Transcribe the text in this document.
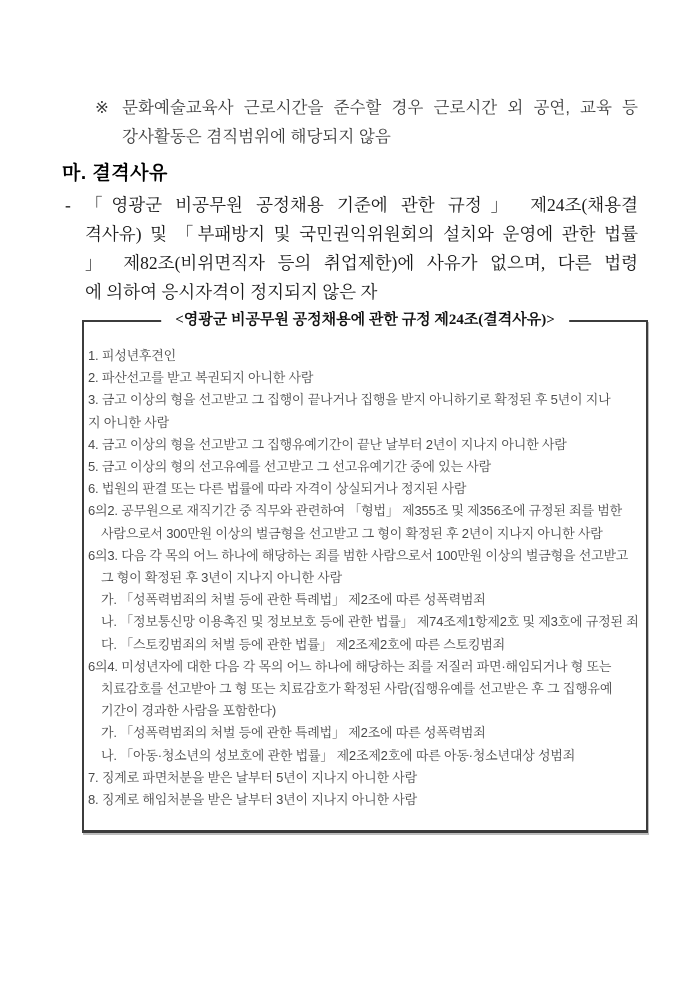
※ 문화예술교육사 근로시간을 준수할 경우 근로시간 외 공연, 교육 등
강사활동은 겸직범위에 해당되지 않음
마. 결격사유
- 「영광군 비공무원 공정채용 기준에 관한 규정」 제24조(채용결
격사유) 및 「부패방지 및 국민권익위원회의 설치와 운영에 관한 법률
」 제82조(비위면직자 등의 취업제한)에 사유가 없으며, 다른 법령
에 의하여 응시자격이 정지되지 않은 자
<영광군 비공무원 공정채용에 관한 규정 제24조(결격사유)>
1. 피성년후견인
2. 파산선고를 받고 복권되지 아니한 사람
3. 금고 이상의 형을 선고받고 그 집행이 끝나거나 집행을 받지 아니하기로 확정된 후 5년이 지나
지 아니한 사람
4. 금고 이상의 형을 선고받고 그 집행유예기간이 끝난 날부터 2년이 지나지 아니한 사람
5. 금고 이상의 형의 선고유예를 선고받고 그 선고유예기간 중에 있는 사람
6. 법원의 판결 또는 다른 법률에 따라 자격이 상실되거나 정지된 사람
6의2. 공무원으로 재직기간 중 직무와 관련하여 「형법」 제355조 및 제356조에 규정된 죄를 범한
사람으로서 300만원 이상의 벌금형을 선고받고 그 형이 확정된 후 2년이 지나지 아니한 사람
6의3. 다음 각 목의 어느 하나에 해당하는 죄를 범한 사람으로서 100만원 이상의 벌금형을 선고받고
그 형이 확정된 후 3년이 지나지 아니한 사람
가. 「성폭력범죄의 처벌 등에 관한 특례법」 제2조에 따른 성폭력범죄
나. 「정보통신망 이용촉진 및 정보보호 등에 관한 법률」 제74조제1항제2호 및 제3호에 규정된 죄
다. 「스토킹범죄의 처벌 등에 관한 법률」 제2조제2호에 따른 스토킹범죄
6의4. 미성년자에 대한 다음 각 목의 어느 하나에 해당하는 죄를 저질러 파면·해임되거나 형 또는
치료감호를 선고받아 그 형 또는 치료감호가 확정된 사람(집행유예를 선고받은 후 그 집행유예
기간이 경과한 사람을 포함한다)
가. 「성폭력범죄의 처벌 등에 관한 특례법」 제2조에 따른 성폭력범죄
나. 「아동·청소년의 성보호에 관한 법률」 제2조제2호에 따른 아동·청소년대상 성범죄
7. 징계로 파면처분을 받은 날부터 5년이 지나지 아니한 사람
8. 징계로 해임처분을 받은 날부터 3년이 지나지 아니한 사람
